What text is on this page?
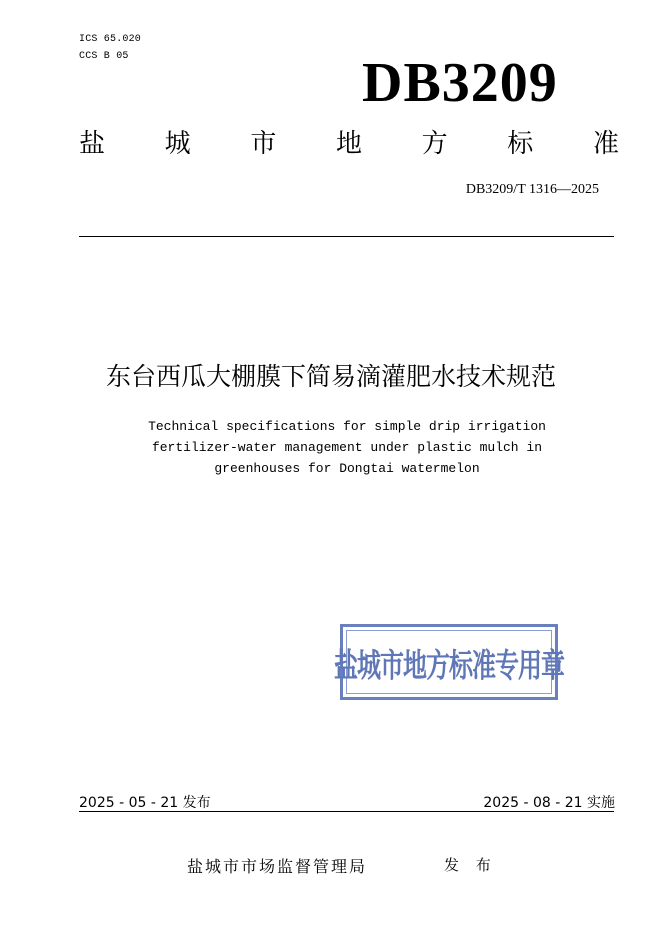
ICS 65.020
CCS B 05	DB3209
盐 城 市 地 方 标 准
DB3209/T 1316—2025
东台西瓜大棚膜下简易滴灌肥水技术规范
Technical specifications for simple drip irrigation
fertilizer-water management under plastic mulch in
greenhouses for Dongtai watermelon
盐城市地方标准专用章
2025 - 05 - 21 发布	2025 - 08 - 21 实施
盐城市市场监督管理局	发 布
